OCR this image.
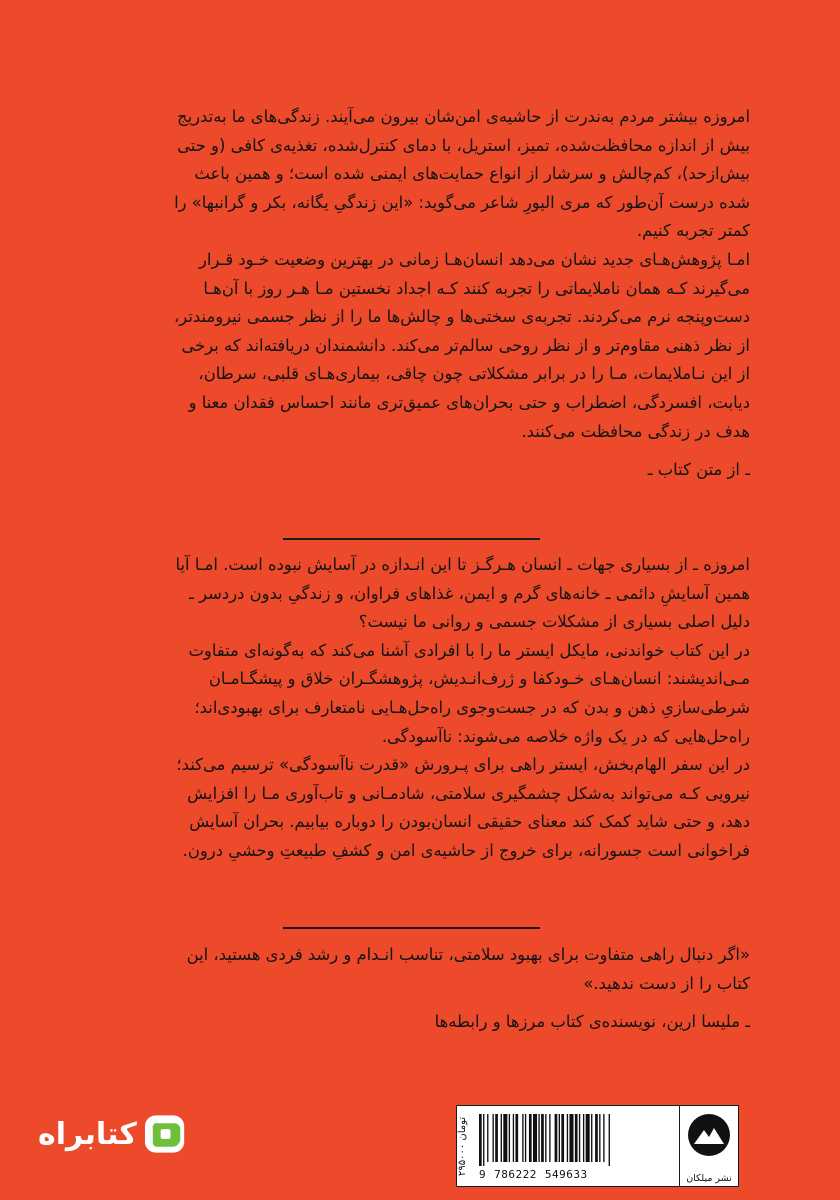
امروزه بیشتر مردم به‌ندرت از حاشیه‌ی امن‌شان بیرون می‌آیند. زندگی‌های ما به‌تدریج
بیش از اندازه محافظت‌شده، تمیز، استریل، با دمای کنترل‌شده، تغذیه‌ی کافی (و حتی
بیش‌ازحد)، کم‌چالش و سرشار از انواع حمایت‌های ایمنی شده است؛ و همین باعث
شده درست آن‌طور که مری الیورِ شاعر می‌گوید: «این زندگیِ یگانه، بکر و گرانبها» را
کمتر تجربه کنیم.

امـا پژوهش‌هـای جدید نشان می‌دهد انسان‌هـا زمانی در بهترین وضعیت خـود قـرار
می‌گیرند کـه همان ناملایماتی را تجربه کنند کـه اجداد نخستین مـا هـر روز با آن‌هـا
دست‌وپنجه نرم می‌کردند. تجربه‌ی سختی‌ها و چالش‌ها ما را از نظر جسمی نیرومندتر،
از نظر ذهنی مقاوم‌تر و از نظر روحی سالم‌تر می‌کند. دانشمندان دریافته‌اند که برخی
از این نـاملایمات، مـا را در برابر مشکلاتی چون چاقی، بیماری‌هـای قلبی، سرطان،
دیابت، افسردگی، اضطراب و حتی بحران‌های عمیق‌تری مانند احساس فقدان معنا و
هدف در زندگی محافظت می‌کنند.

ـ از متن کتاب ـ

امروزه ـ از بسیاری جهات ـ انسان هـرگـز تا این انـدازه در آسایش نبوده است. امـا آیا
همین آسایشِ دائمی ـ خانه‌های گرم و ایمن، غذاهای فراوان، و زندگیِ بدون دردسر ـ
دلیل اصلی بسیاری از مشکلات جسمی و روانی ما نیست؟

در این کتاب خواندنی، مایکل ایستر ما را با افرادی آشنا می‌کند که به‌گونه‌ای متفاوت
مـی‌اندیشند: انسان‌هـای خـودکفا و ژرف‌انـدیش، پژوهشگـران خلاق و پیشگـامـان
شرطی‌سازیِ ذهن و بدن که در جست‌وجوی راه‌حل‌هـایی نامتعارف برای بهبودی‌اند؛
راه‌حل‌هایی که در یک واژه خلاصه می‌شوند: ناآسودگی.

در این سفر الهام‌بخش، ایستر راهی برای پـرورش «قدرت ناآسودگی» ترسیم می‌کند؛
نیرویی کـه می‌تواند به‌شکل چشمگیری سلامتی، شادمـانی و تاب‌آوری مـا را افزایش
دهد، و حتی شاید کمک کند معنای حقیقی انسان‌بودن را دوباره بیابیم. بحران آسایش
فراخوانی است جسورانه، برای خروج از حاشیه‌ی امن و کشفِ طبیعتِ وحشیِ درون.

«اگر دنبال راهی متفاوت برای بهبود سلامتی، تناسب انـدام و رشد فردی هستید، این
کتاب را از دست ندهید.»

ـ ملیسا ارین، نویسنده‌ی کتاب مرزها و رابطه‌ها

کتابراه
۲۹۵۰۰۰ تومان
9 786222 549633	نشر میلکان
